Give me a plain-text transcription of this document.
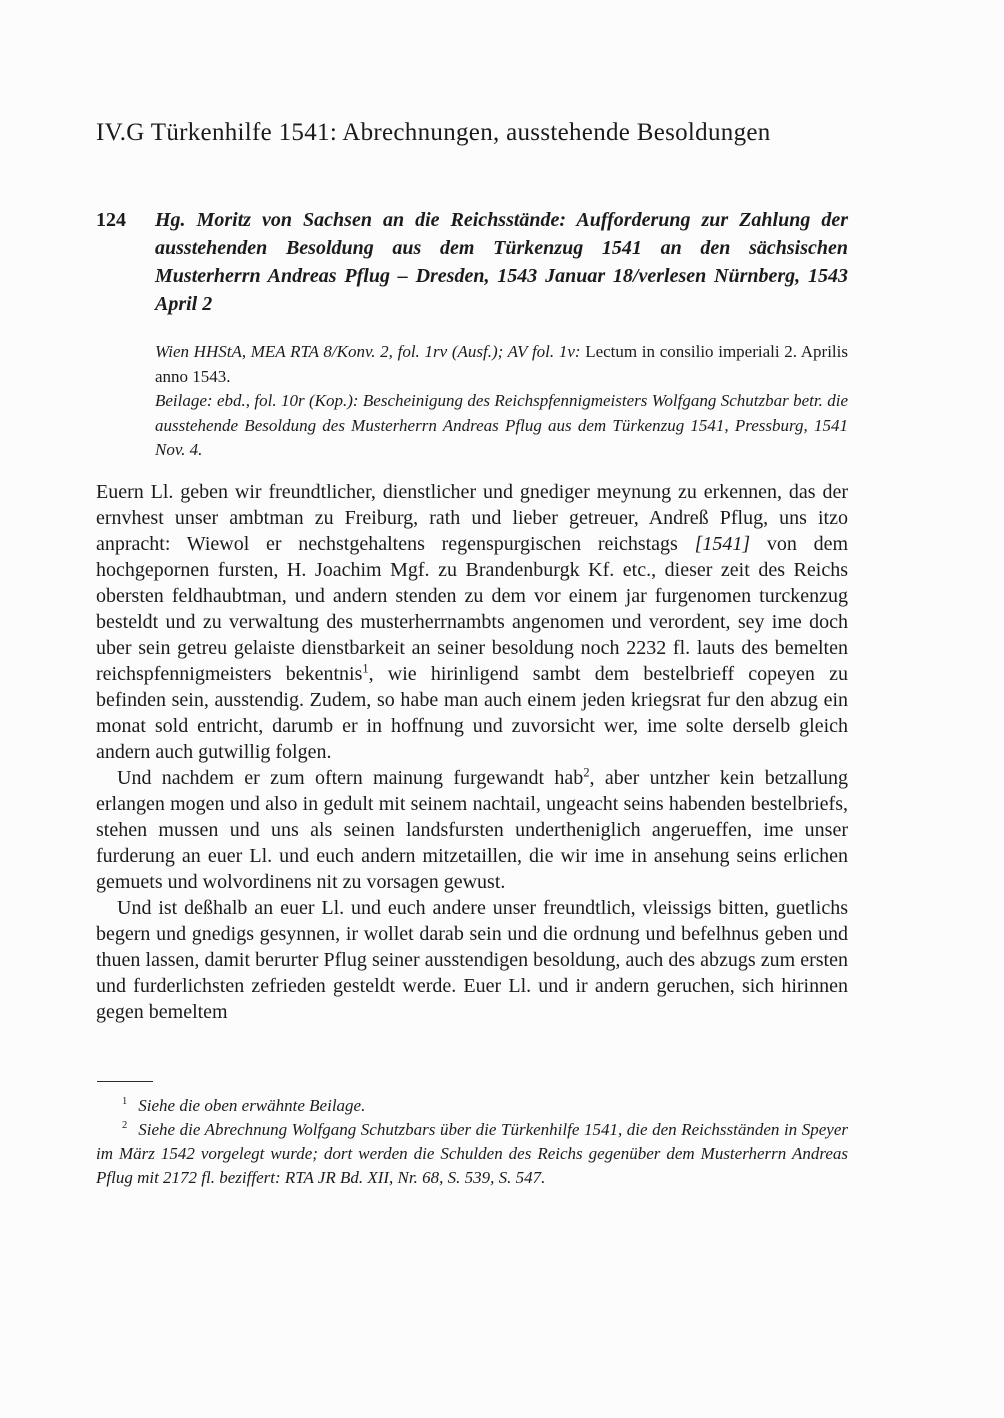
IV.G Türkenhilfe 1541: Abrechnungen, ausstehende Besoldungen
124	Hg. Moritz von Sachsen an die Reichsstände: Aufforderung zur Zahlung der ausstehenden Besoldung aus dem Türkenzug 1541 an den sächsischen Musterherrn Andreas Pflug – Dresden, 1543 Januar 18/verlesen Nürnberg, 1543 April 2

Wien HHStA, MEA RTA 8/Konv. 2, fol. 1rv (Ausf.); AV fol. 1v: Lectum in consilio imperiali 2. Aprilis anno 1543.

Beilage: ebd., fol. 10r (Kop.): Bescheinigung des Reichspfennigmeisters Wolfgang Schutzbar betr. die ausstehende Besoldung des Musterherrn Andreas Pflug aus dem Türkenzug 1541, Pressburg, 1541 Nov. 4.

Euern Ll. geben wir freundtlicher, dienstlicher und gnediger meynung zu erkennen, das der ernvhest unser ambtman zu Freiburg, rath und lieber getreuer, Andreß Pflug, uns itzo anpracht: Wiewol er nechstgehaltens regenspurgischen reichstags [1541] von dem hochgepornen fursten, H. Joachim Mgf. zu Brandenburgk Kf. etc., dieser zeit des Reichs obersten feldhaubtman, und andern stenden zu dem vor einem jar furgenomen turckenzug besteldt und zu verwaltung des musterherrnambts angenomen und verordent, sey ime doch uber sein getreu gelaiste dienstbarkeit an seiner besoldung noch 2232 fl. lauts des bemelten reichspfennigmeisters bekentnis$^1$, wie hirinligend sambt dem bestelbrieff copeyen zu befinden sein, ausstendig. Zudem, so habe man auch einem jeden kriegsrat fur den abzug ein monat sold entricht, darumb er in hoffnung und zuvorsicht wer, ime solte derselb gleich andern auch gutwillig folgen.

Und nachdem er zum oftern mainung furgewandt hab$^2$, aber untzher kein betzallung erlangen mogen und also in gedult mit seinem nachtail, ungeacht seins habenden bestelbriefs, stehen mussen und uns als seinen landsfursten undertheniglich angerueffen, ime unser furderung an euer Ll. und euch andern mitzetaillen, die wir ime in ansehung seins erlichen gemuets und wolvordinens nit zu vorsagen gewust.

Und ist deßhalb an euer Ll. und euch andere unser freundtlich, vleissigs bitten, guetlichs begern und gnedigs gesynnen, ir wollet darab sein und die ordnung und befelhnus geben und thuen lassen, damit berurter Pflug seiner ausstendigen besoldung, auch des abzugs zum ersten und furderlichsten zefrieden gesteldt werde. Euer Ll. und ir andern geruchen, sich hirinnen gegen bemeltem

$^1$ Siehe die oben erwähnte Beilage.

$^2$ Siehe die Abrechnung Wolfgang Schutzbars über die Türkenhilfe 1541, die den Reichsständen in Speyer im März 1542 vorgelegt wurde; dort werden die Schulden des Reichs gegenüber dem Musterherrn Andreas Pflug mit 2172 fl. beziffert: RTA JR Bd. XII, Nr. 68, S. 539, S. 547.
